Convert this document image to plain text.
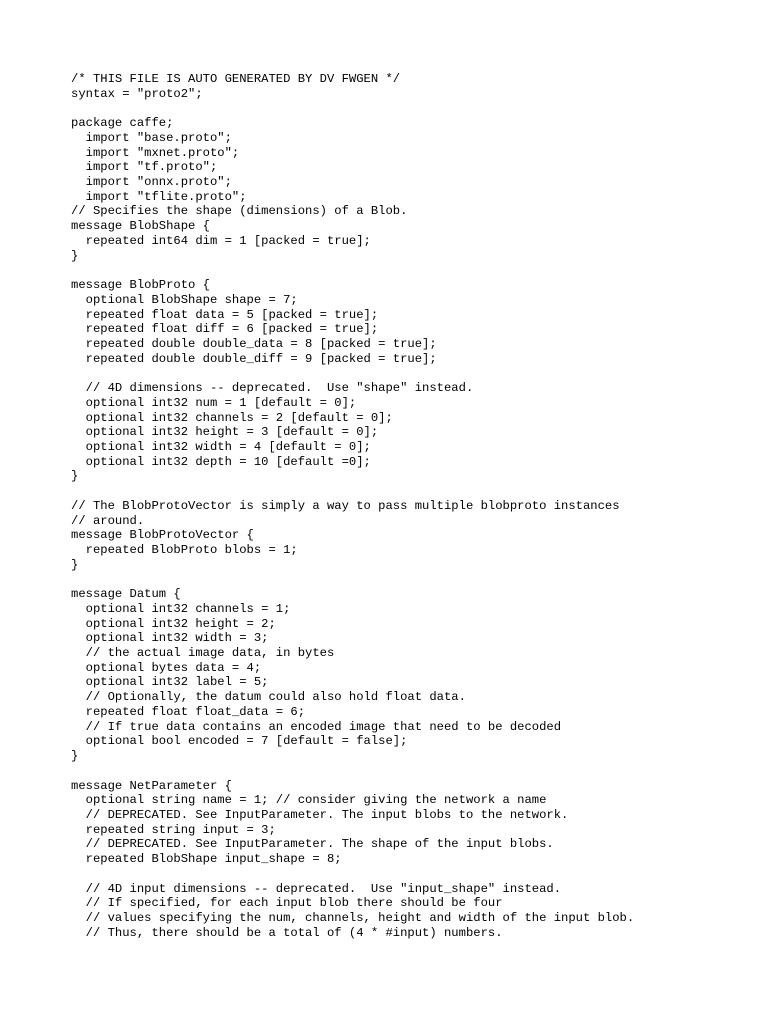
/* THIS FILE IS AUTO GENERATED BY DV FWGEN */
syntax = "proto2";
package caffe;
import "base.proto";
import "mxnet.proto";
import "tf.proto";
import "onnx.proto";
import "tflite.proto";
// Specifies the shape (dimensions) of a Blob.
message BlobShape {
repeated int64 dim = 1 [packed = true];
}
message BlobProto {
optional BlobShape shape = 7;
repeated float data = 5 [packed = true];
repeated float diff = 6 [packed = true];
repeated double double_data = 8 [packed = true];
repeated double double_diff = 9 [packed = true];
// 4D dimensions -- deprecated.  Use "shape" instead.
optional int32 num = 1 [default = 0];
optional int32 channels = 2 [default = 0];
optional int32 height = 3 [default = 0];
optional int32 width = 4 [default = 0];
optional int32 depth = 10 [default =0];
}
// The BlobProtoVector is simply a way to pass multiple blobproto instances
// around.
message BlobProtoVector {
repeated BlobProto blobs = 1;
}
message Datum {
optional int32 channels = 1;
optional int32 height = 2;
optional int32 width = 3;
// the actual image data, in bytes
optional bytes data = 4;
optional int32 label = 5;
// Optionally, the datum could also hold float data.
repeated float float_data = 6;
// If true data contains an encoded image that need to be decoded
optional bool encoded = 7 [default = false];
}
message NetParameter {
optional string name = 1; // consider giving the network a name
// DEPRECATED. See InputParameter. The input blobs to the network.
repeated string input = 3;
// DEPRECATED. See InputParameter. The shape of the input blobs.
repeated BlobShape input_shape = 8;
// 4D input dimensions -- deprecated.  Use "input_shape" instead.
// If specified, for each input blob there should be four
// values specifying the num, channels, height and width of the input blob.
// Thus, there should be a total of (4 * #input) numbers.
